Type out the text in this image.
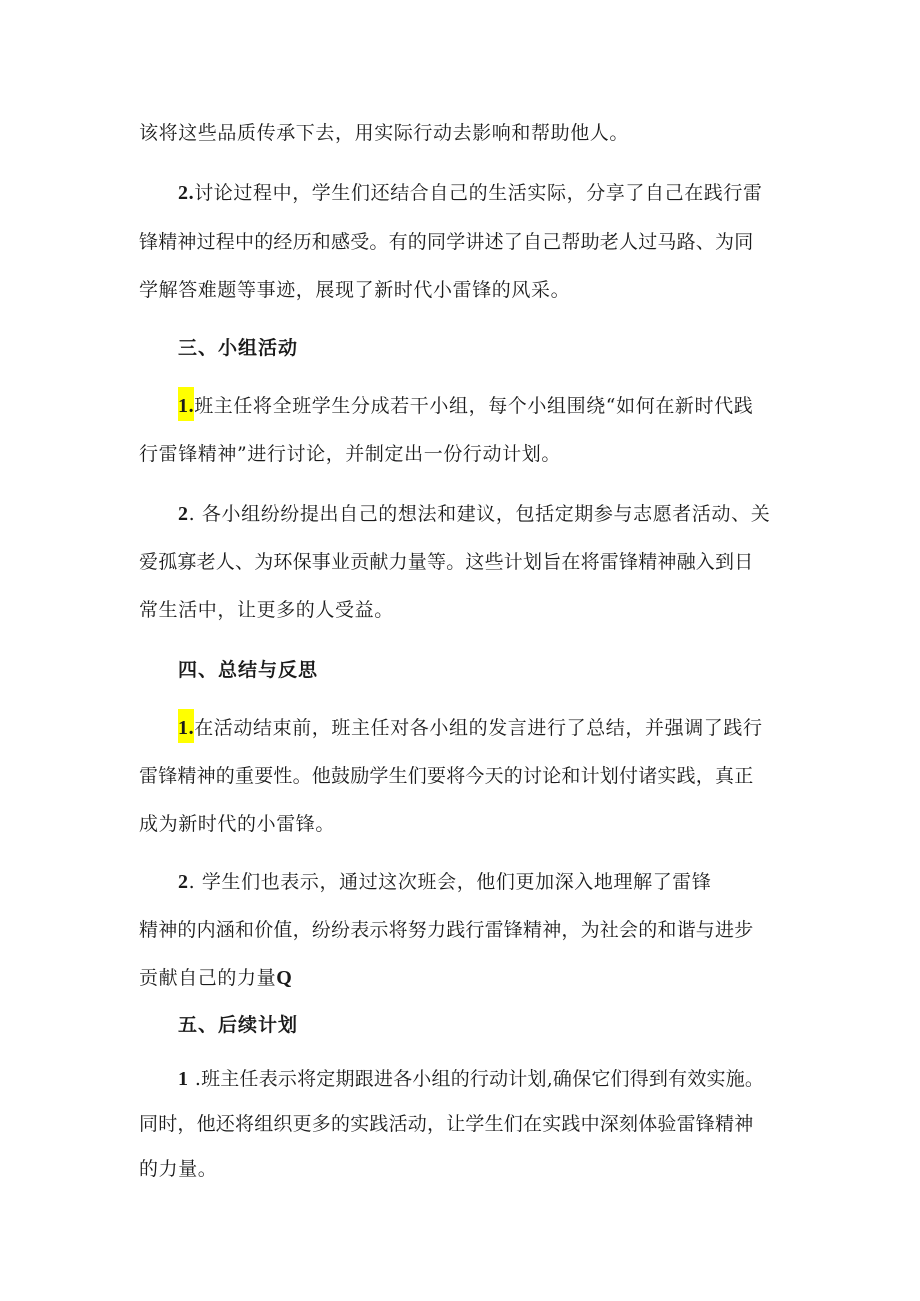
该将这些品质传承下去，用实际行动去影响和帮助他人。
2.讨论过程中，学生们还结合自己的生活实际，分享了自己在践行雷
锋精神过程中的经历和感受。有的同学讲述了自己帮助老人过马路、为同
学解答难题等事迹，展现了新时代小雷锋的风采。
三、小组活动
1.班主任将全班学生分成若干小组，每个小组围绕“如何在新时代践
行雷锋精神”进行讨论，并制定出一份行动计划。
2. 各小组纷纷提出自己的想法和建议，包括定期参与志愿者活动、关
爱孤寡老人、为环保事业贡献力量等。这些计划旨在将雷锋精神融入到日
常生活中，让更多的人受益。
四、总结与反思
1.在活动结束前，班主任对各小组的发言进行了总结，并强调了践行
雷锋精神的重要性。他鼓励学生们要将今天的讨论和计划付诸实践，真正
成为新时代的小雷锋。
2. 学生们也表示，通过这次班会，他们更加深入地理解了雷锋
精神的内涵和价值，纷纷表示将努力践行雷锋精神，为社会的和谐与进步
贡献自己的力量Q
五、后续计划
1 .班主任表示将定期跟进各小组的行动计划,确保它们得到有效实施。
同时，他还将组织更多的实践活动，让学生们在实践中深刻体验雷锋精神
的力量。
